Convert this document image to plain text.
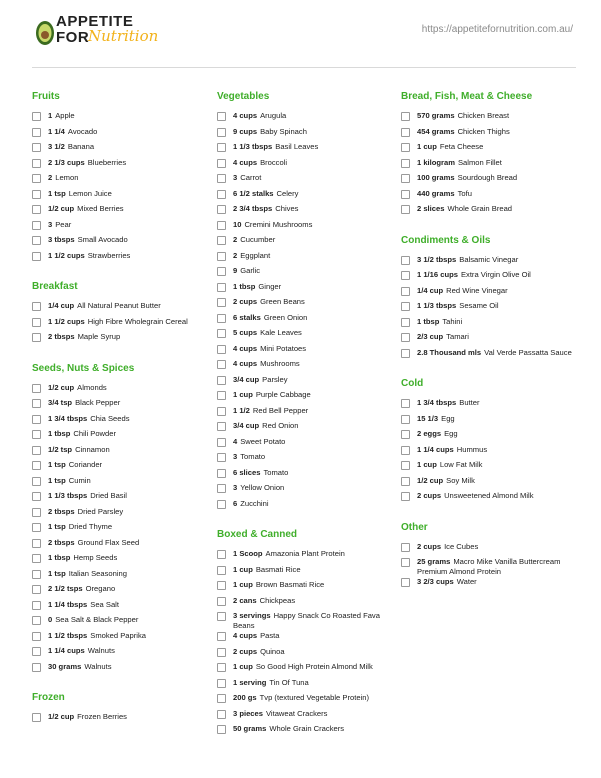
APPETITE
FOR
Nutrition	https://appetitefornutrition.com.au/
Fruits
1 Apple
1 1/4 Avocado
3 1/2 Banana
2 1/3 cups Blueberries
2 Lemon
1 tsp Lemon Juice
1/2 cup Mixed Berries
3 Pear
3 tbsps Small Avocado
1 1/2 cups Strawberries
Breakfast
1/4 cup All Natural Peanut Butter
1 1/2 cups High Fibre Wholegrain Cereal
2 tbsps Maple Syrup
Seeds, Nuts & Spices
1/2 cup Almonds
3/4 tsp Black Pepper
1 3/4 tbsps Chia Seeds
1 tbsp Chili Powder
1/2 tsp Cinnamon
1 tsp Coriander
1 tsp Cumin
1 1/3 tbsps Dried Basil
2 tbsps Dried Parsley
1 tsp Dried Thyme
2 tbsps Ground Flax Seed
1 tbsp Hemp Seeds
1 tsp Italian Seasoning
2 1/2 tsps Oregano
1 1/4 tbsps Sea Salt
0 Sea Salt & Black Pepper
1 1/2 tbsps Smoked Paprika
1 1/4 cups Walnuts
30 grams Walnuts
Frozen
1/2 cup Frozen Berries
Vegetables
4 cups Arugula
9 cups Baby Spinach
1 1/3 tbsps Basil Leaves
4 cups Broccoli
3 Carrot
6 1/2 stalks Celery
2 3/4 tbsps Chives
10 Cremini Mushrooms
2 Cucumber
2 Eggplant
9 Garlic
1 tbsp Ginger
2 cups Green Beans
6 stalks Green Onion
5 cups Kale Leaves
4 cups Mini Potatoes
4 cups Mushrooms
3/4 cup Parsley
1 cup Purple Cabbage
1 1/2 Red Bell Pepper
3/4 cup Red Onion
4 Sweet Potato
3 Tomato
6 slices Tomato
3 Yellow Onion
6 Zucchini
Boxed & Canned
1 Scoop Amazonia Plant Protein
1 cup Basmati Rice
1 cup Brown Basmati Rice
2 cans Chickpeas
3 servings Happy Snack Co Roasted Fava Beans
4 cups Pasta
2 cups Quinoa
1 cup So Good High Protein Almond Milk
1 serving Tin Of Tuna
200 gs Tvp (textured Vegetable Protein)
3 pieces Vitaweat Crackers
50 grams Whole Grain Crackers
Bread, Fish, Meat & Cheese
570 grams Chicken Breast
454 grams Chicken Thighs
1 cup Feta Cheese
1 kilogram Salmon Fillet
100 grams Sourdough Bread
440 grams Tofu
2 slices Whole Grain Bread
Condiments & Oils
3 1/2 tbsps Balsamic Vinegar
1 1/16 cups Extra Virgin Olive Oil
1/4 cup Red Wine Vinegar
1 1/3 tbsps Sesame Oil
1 tbsp Tahini
2/3 cup Tamari
2.8 Thousand mls Val Verde Passatta Sauce
Cold
1 3/4 tbsps Butter
15 1/3 Egg
2 eggs Egg
1 1/4 cups Hummus
1 cup Low Fat Milk
1/2 cup Soy Milk
2 cups Unsweetened Almond Milk
Other
2 cups Ice Cubes
25 grams Macro Mike Vanilla Buttercream Premium Almond Protein
3 2/3 cups Water
